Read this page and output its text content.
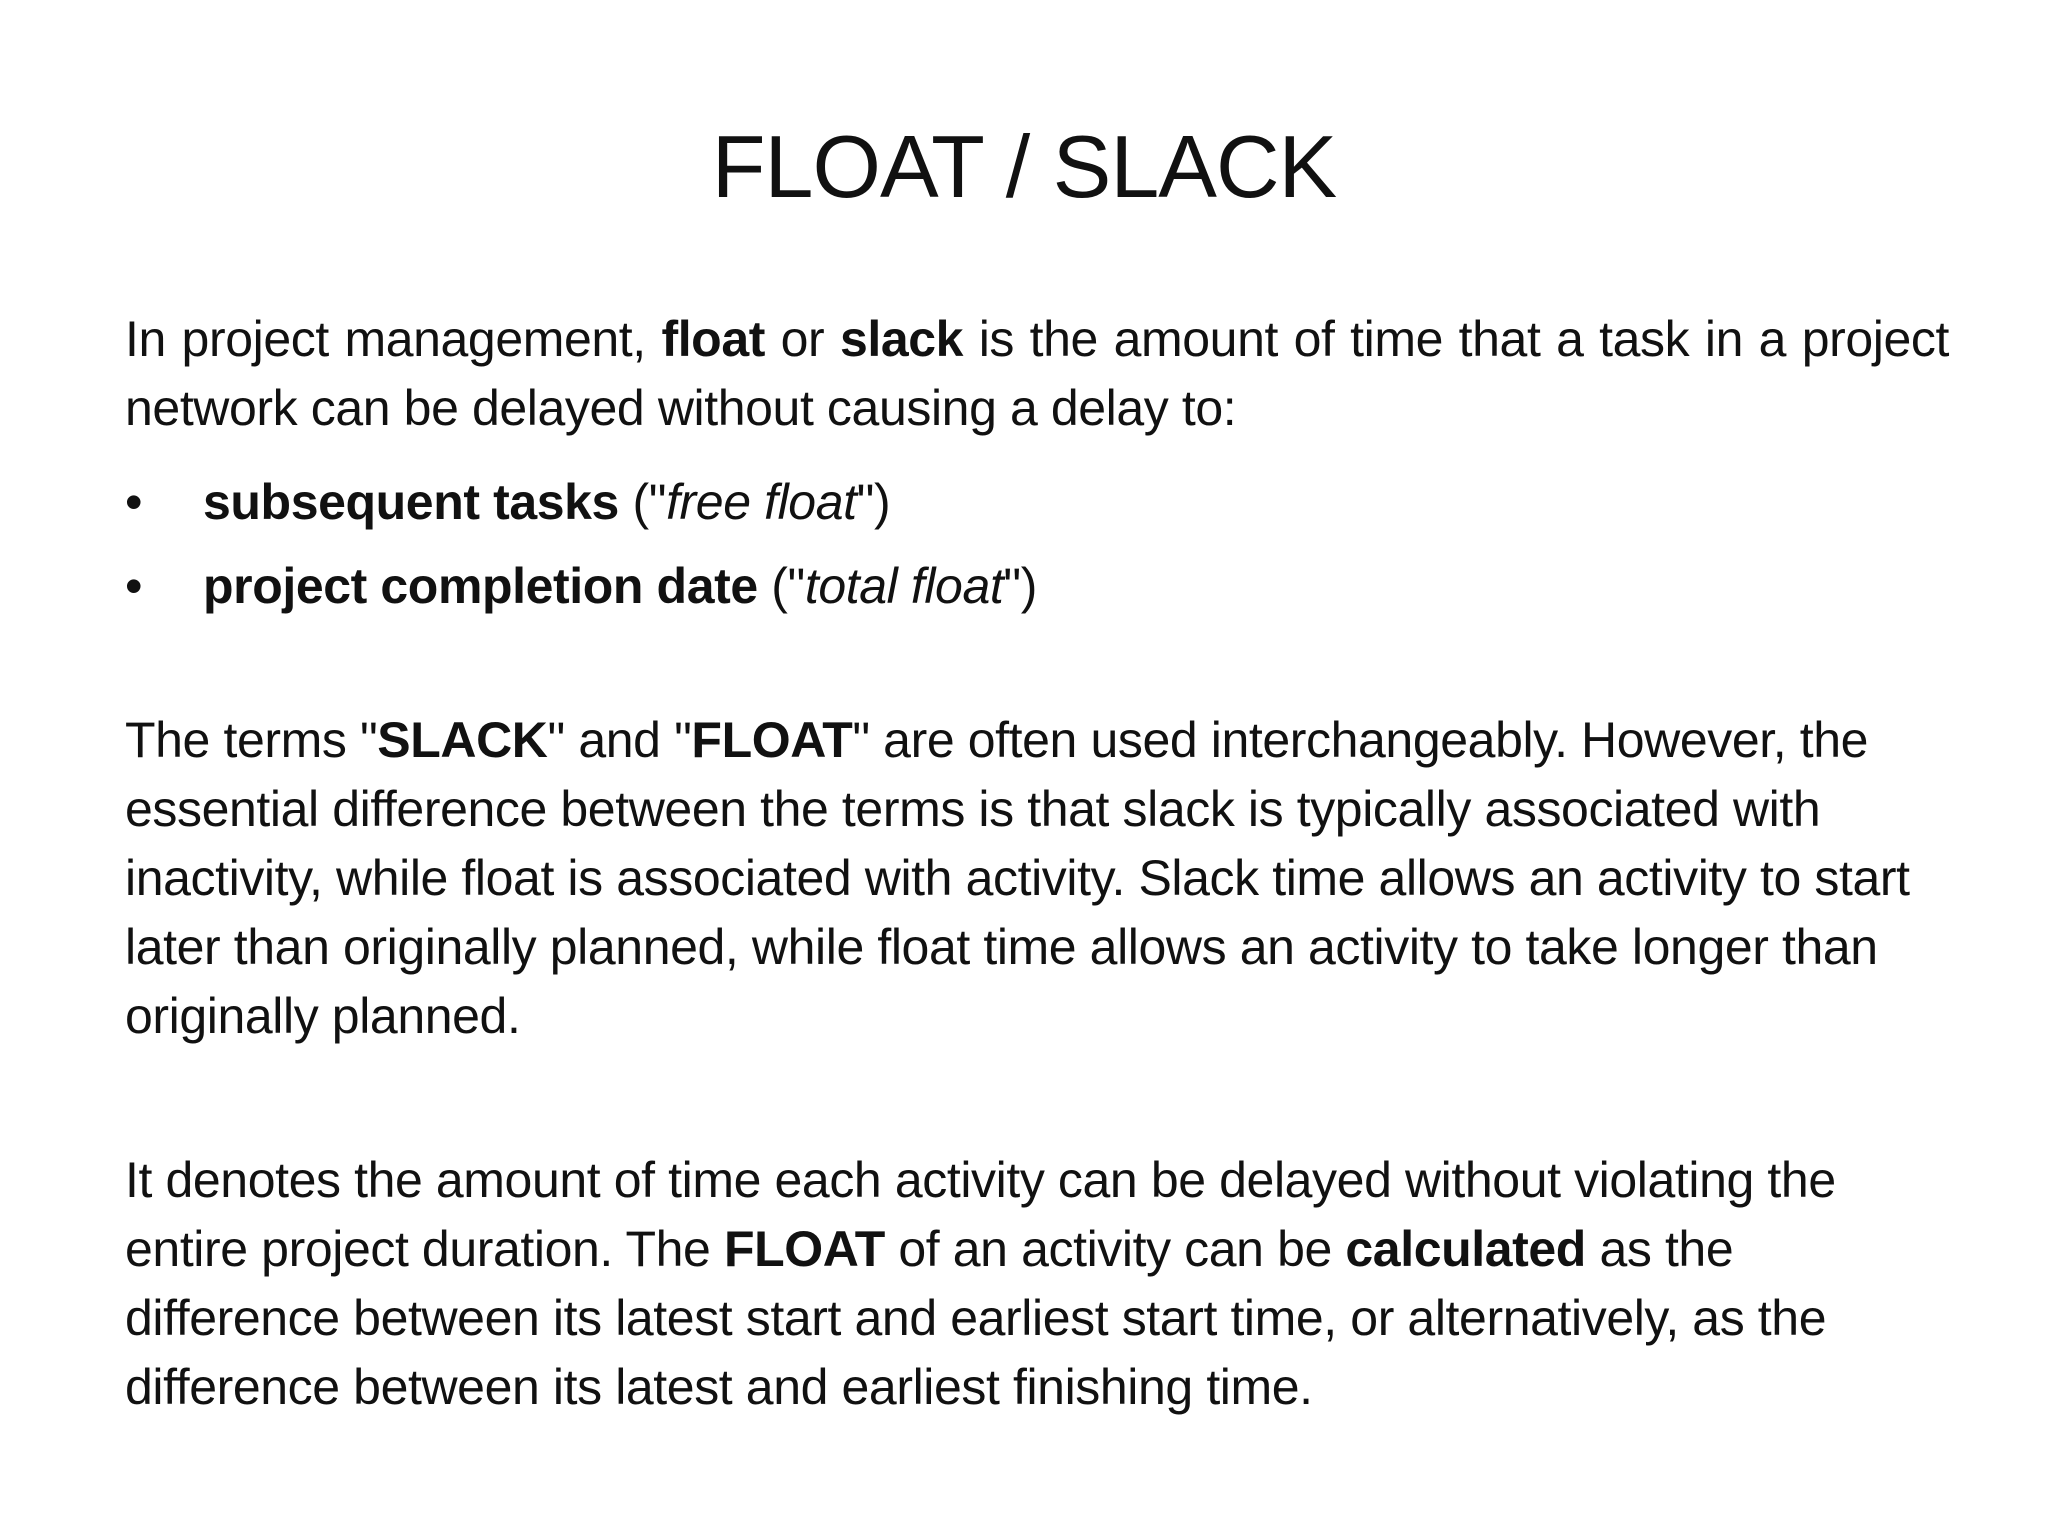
FLOAT / SLACK
In project management, float or slack is the amount of time that a task in a project network can be delayed without causing a delay to:
• subsequent tasks ("free float")
• project completion date ("total float")
The terms "SLACK" and "FLOAT" are often used interchangeably. However, the essential difference between the terms is that slack is typically associated with inactivity, while float is associated with activity. Slack time allows an activity to start later than originally planned, while float time allows an activity to take longer than originally planned.
It denotes the amount of time each activity can be delayed without violating the entire project duration. The FLOAT of an activity can be calculated as the difference between its latest start and earliest start time, or alternatively, as the difference between its latest and earliest finishing time.
